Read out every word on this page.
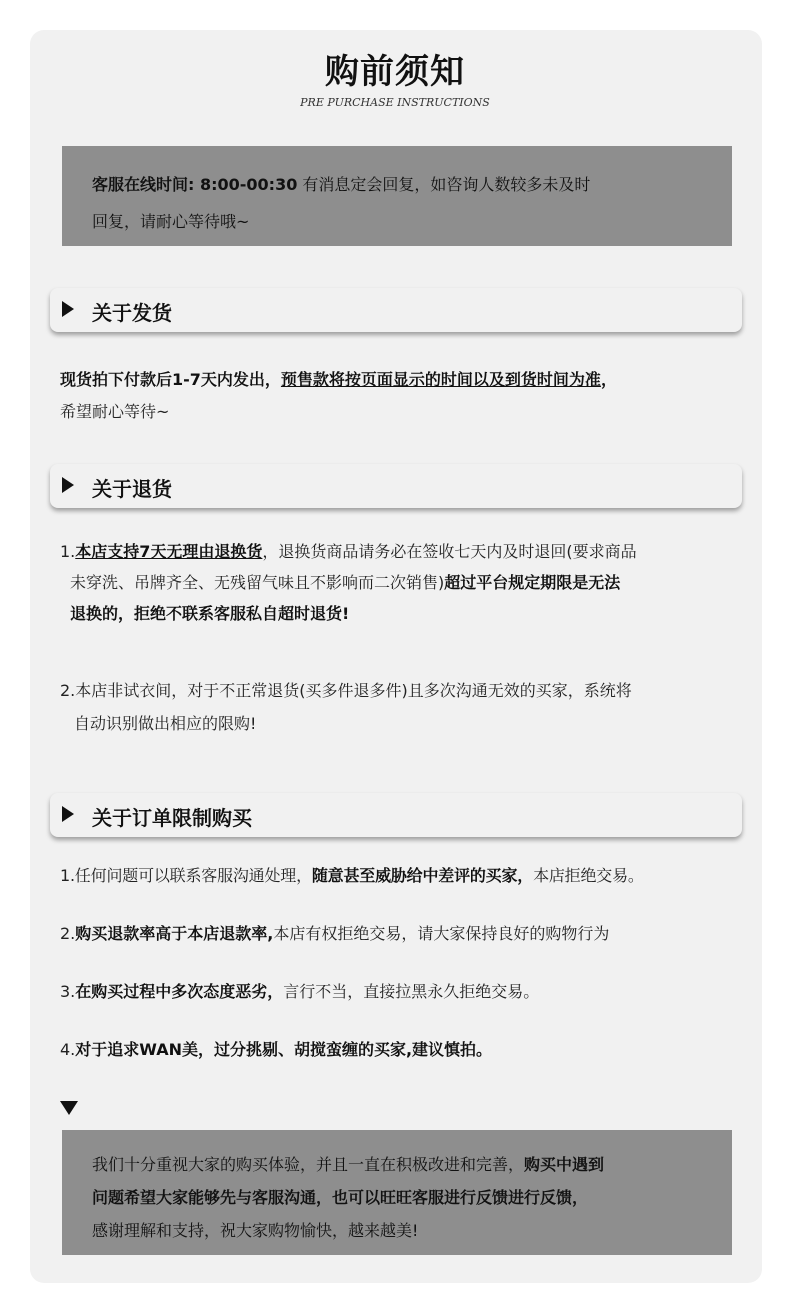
购前须知
PRE PURCHASE INSTRUCTIONS
客服在线时间: 8:00-00:30 有消息定会回复，如咨询人数较多未及时
回复，请耐心等待哦~
关于发货
现货拍下付款后1-7天内发出，预售款将按页面显示的时间以及到货时间为准，
希望耐心等待~
关于退货
1.本店支持7天无理由退换货，退换货商品请务必在签收七天内及时退回(要求商品
未穿洗、吊牌齐全、无残留气味且不影响而二次销售)超过平台规定期限是无法
退换的，拒绝不联系客服私自超时退货!
2.本店非试衣间，对于不正常退货(买多件退多件)且多次沟通无效的买家，系统将
自动识别做出相应的限购!
关于订单限制购买
1.任何问题可以联系客服沟通处理，随意甚至威胁给中差评的买家，本店拒绝交易。
2.购买退款率高于本店退款率,本店有权拒绝交易，请大家保持良好的购物行为
3.在购买过程中多次态度恶劣，言行不当，直接拉黑永久拒绝交易。
4.对于追求WAN美，过分挑剔、胡搅蛮缠的买家,建议慎拍。
我们十分重视大家的购买体验，并且一直在积极改进和完善，购买中遇到
问题希望大家能够先与客服沟通，也可以旺旺客服进行反馈进行反馈，
感谢理解和支持，祝大家购物愉快，越来越美!
